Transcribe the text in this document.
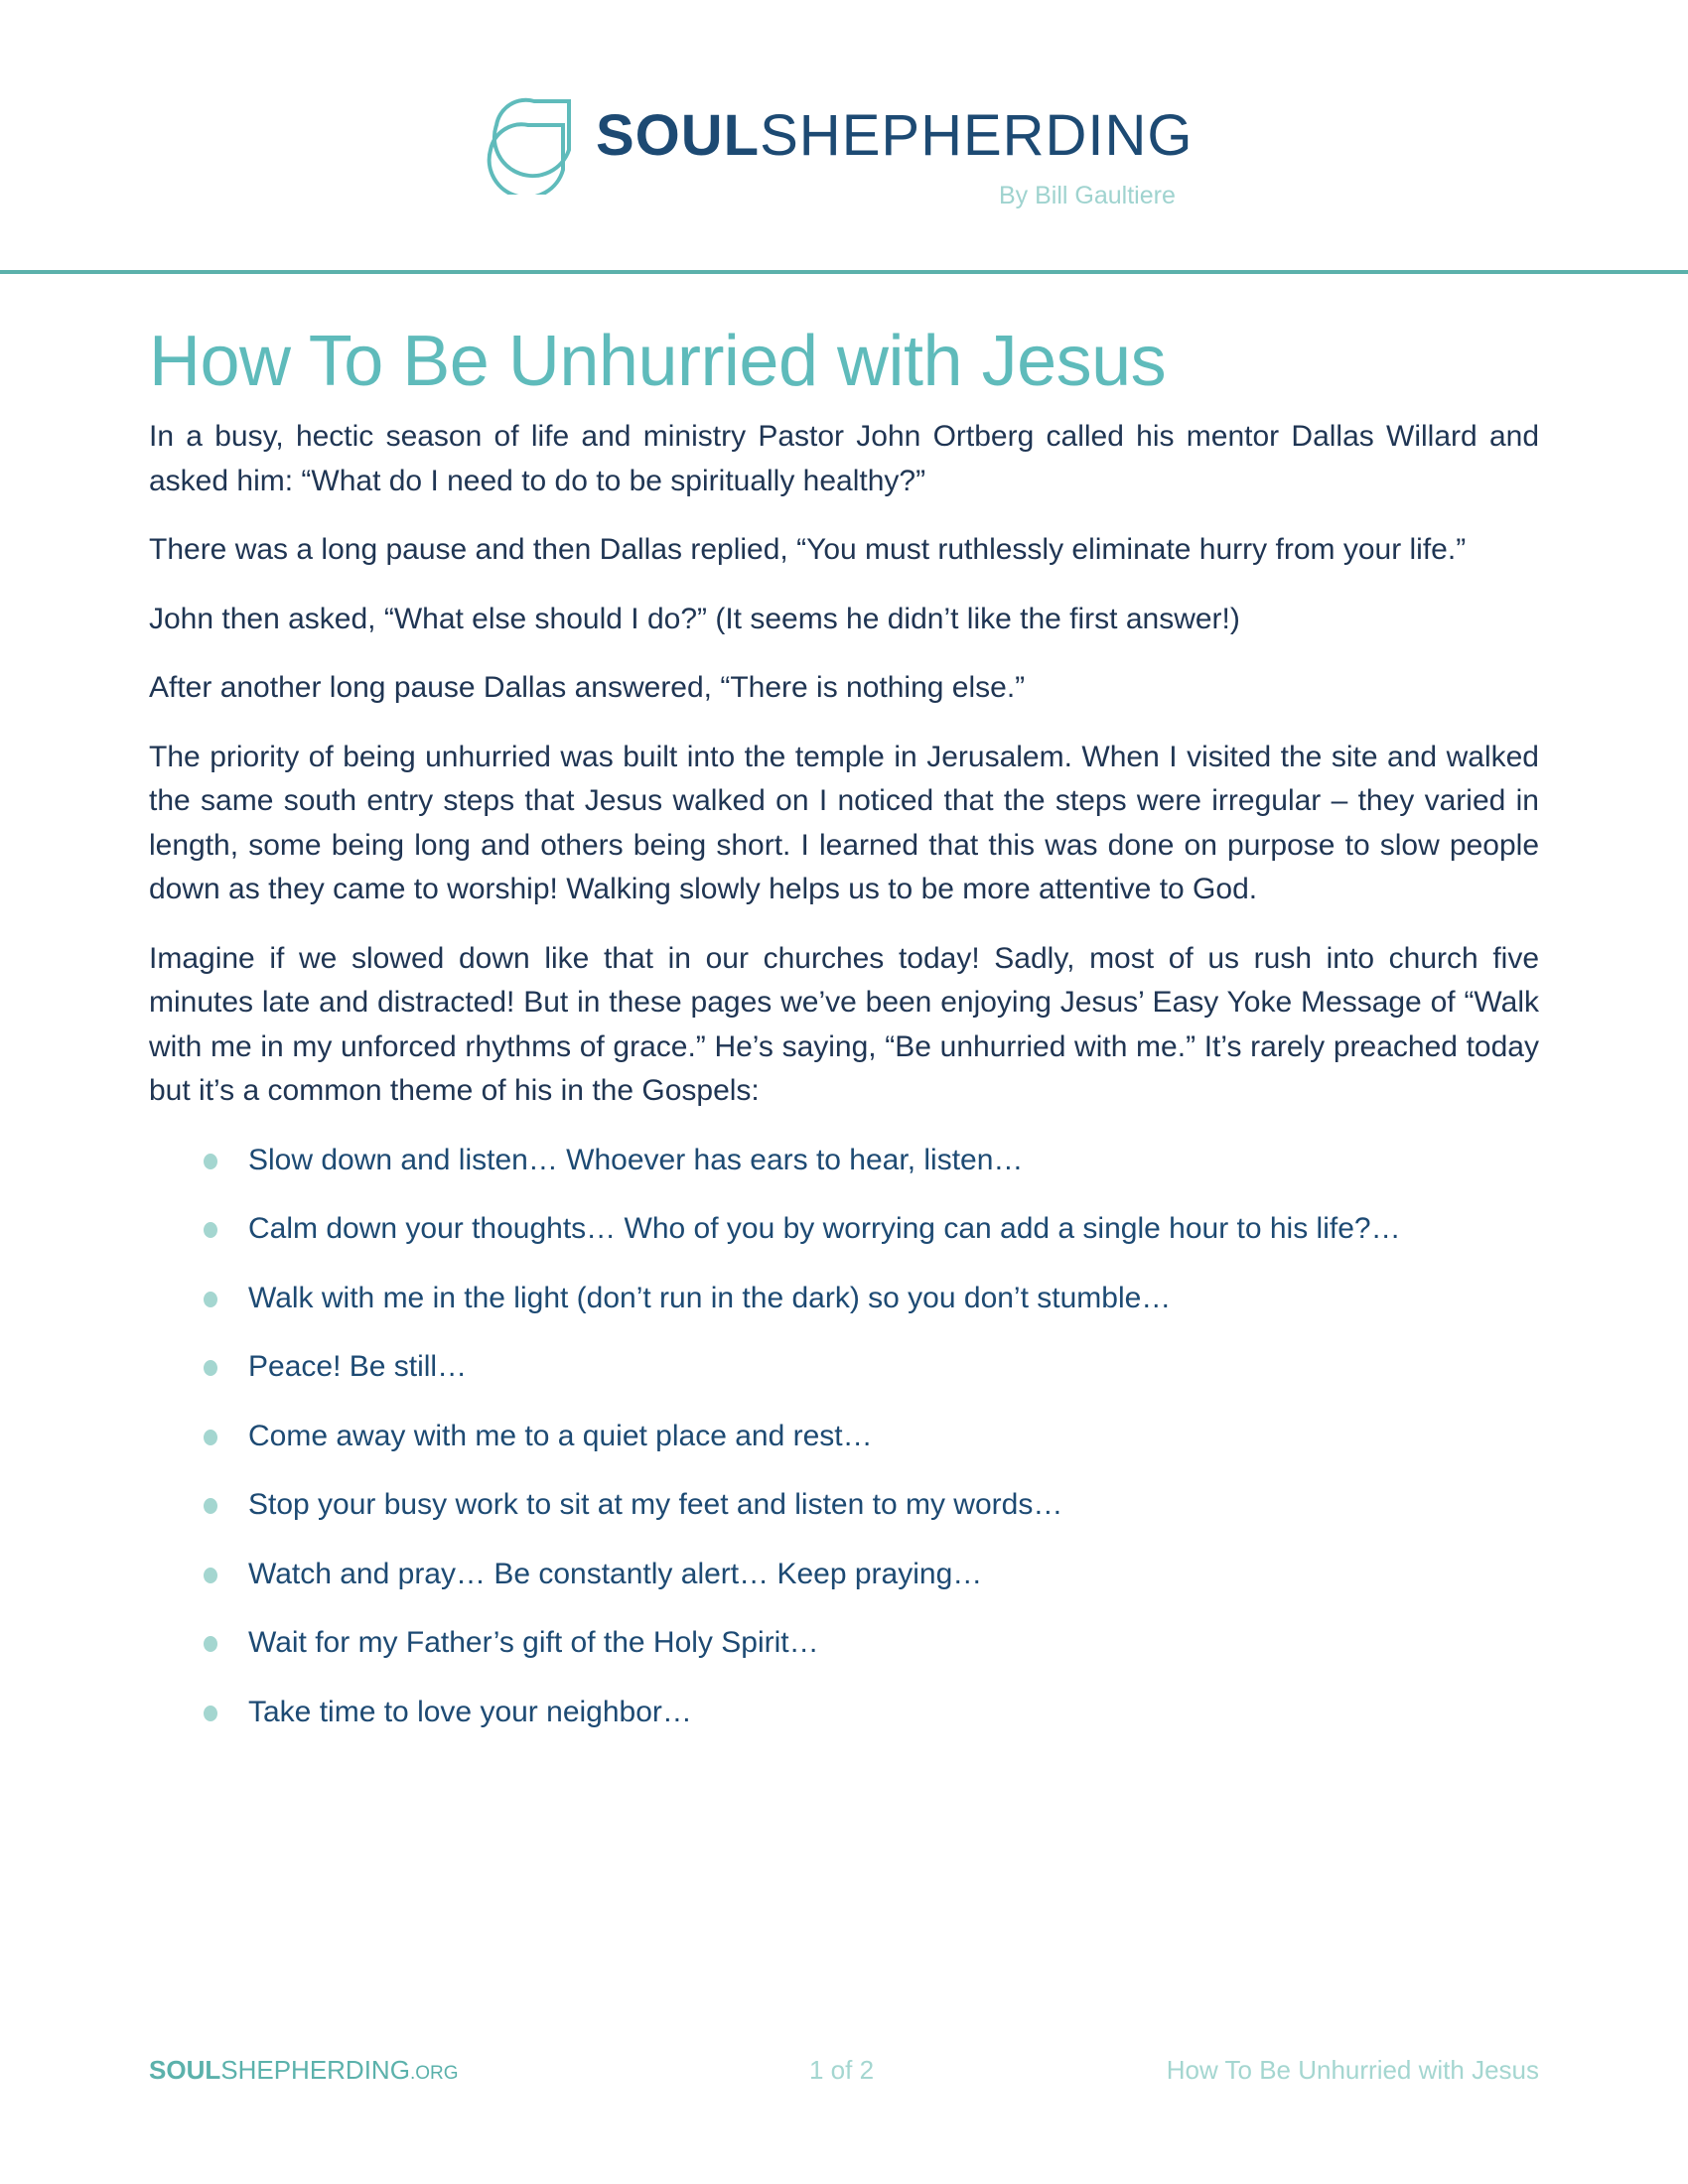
SOULSHEPHERDING
By Bill Gaultiere
How To Be Unhurried with Jesus

In a busy, hectic season of life and ministry Pastor John Ortberg called his mentor Dallas Willard and asked him: “What do I need to do to be spiritually healthy?”

There was a long pause and then Dallas replied, “You must ruthlessly eliminate hurry from your life.”

John then asked, “What else should I do?” (It seems he didn’t like the first answer!)

After another long pause Dallas answered, “There is nothing else.”

The priority of being unhurried was built into the temple in Jerusalem. When I visited the site and walked the same south entry steps that Jesus walked on I noticed that the steps were irregular – they varied in length, some being long and others being short. I learned that this was done on purpose to slow people down as they came to worship! Walking slowly helps us to be more attentive to God.

Imagine if we slowed down like that in our churches today! Sadly, most of us rush into church five minutes late and distracted! But in these pages we’ve been enjoying Jesus’ Easy Yoke Message of “Walk with me in my unforced rhythms of grace.” He’s saying, “Be unhurried with me.” It’s rarely preached today but it’s a common theme of his in the Gospels:

Slow down and listen… Whoever has ears to hear, listen…
Calm down your thoughts… Who of you by worrying can add a single hour to his life?…
Walk with me in the light (don’t run in the dark) so you don’t stumble…
Peace! Be still…
Come away with me to a quiet place and rest…
Stop your busy work to sit at my feet and listen to my words…
Watch and pray… Be constantly alert… Keep praying…
Wait for my Father’s gift of the Holy Spirit…
Take time to love your neighbor…
SOULSHEPHERDING.ORG	1 of 2	How To Be Unhurried with Jesus
